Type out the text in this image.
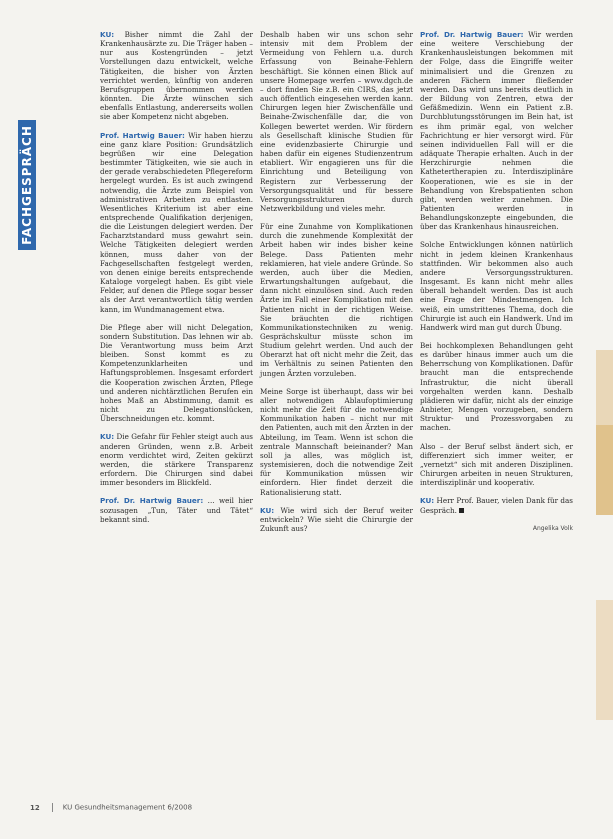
FACHGESPRÄCH

KU: Bisher nimmt die Zahl der Krankenhausärzte zu. Die Träger haben – nur aus Kostengründen – jetzt Vorstellungen dazu entwickelt, welche Tätigkeiten, die bisher von Ärzten verrichtet werden, künftig von anderen Berufsgruppen übernommen werden könnten. Die Ärzte wünschen sich ebenfalls Entlastung, andererseits wollen sie aber Kompetenz nicht abgeben.

Prof. Hartwig Bauer: Wir haben hierzu eine ganz klare Position: Grundsätzlich begrüßen wir eine Delegation bestimmter Tätigkeiten, wie sie auch in der gerade verabschiedeten Pflegereform hergelegt wurden. Es ist auch zwingend notwendig, die Ärzte zum Beispiel von administrativen Arbeiten zu entlasten. Wesentliches Kriterium ist aber eine entsprechende Qualifikation derjenigen, die die Leistungen delegiert werden. Der Facharztstandard muss gewahrt sein. Welche Tätigkeiten delegiert werden können, muss daher von der Fachgesellschaften festgelegt werden, von denen einige bereits entsprechende Kataloge vorgelegt haben. Es gibt viele Felder, auf denen die Pflege sogar besser als der Arzt verantwortlich tätig werden kann, im Wundmanagement etwa.

Die Pflege aber will nicht Delegation, sondern Substitution. Das lehnen wir ab. Die Verantwortung muss beim Arzt bleiben. Sonst kommt es zu Kompetenzunklarheiten und Haftungsproblemen. Insgesamt erfordert die Kooperation zwischen Ärzten, Pflege und anderen nichtärztlichen Berufen ein hohes Maß an Abstimmung, damit es nicht zu Delegationslücken, Überschneidungen etc. kommt.

KU: Die Gefahr für Fehler steigt auch aus anderen Gründen, wenn z.B. Arbeit enorm verdichtet wird, Zeiten gekürzt werden, die stärkere Transparenz erfordern. Die Chirurgen sind dabei immer besonders im Blickfeld.

Prof. Dr. Hartwig Bauer: ... weil hier sozusagen „Tun, Täter und Tätet“ bekannt sind.

Deshalb haben wir uns schon sehr intensiv mit dem Problem der Vermeidung von Fehlern u.a. durch Erfassung von Beinahe-Fehlern beschäftigt. Sie können einen Blick auf unsere Homepage werfen – www.dgch.de – dort finden Sie z.B. ein CIRS, das jetzt auch öffentlich eingesehen werden kann. Chirurgen legen hier Zwischenfälle und Beinahe-Zwischenfälle dar, die von Kollegen bewertet werden. Wir fördern als Gesellschaft klinische Studien für eine evidenzbasierte Chirurgie und haben dafür ein eigenes Studienzentrum etabliert. Wir engagieren uns für die Einrichtung und Beteiligung von Registern zur Verbesserung der Versorgungsqualität und für bessere Versorgungsstrukturen durch Netzwerkbildung und vieles mehr.

Für eine Zunahme von Komplikationen durch die zunehmende Komplexität der Arbeit haben wir indes bisher keine Belege. Dass Patienten mehr reklamieren, hat viele andere Gründe. So werden, auch über die Medien, Erwartungshaltungen aufgebaut, die dann nicht einzulösen sind. Auch reden Ärzte im Fall einer Komplikation mit den Patienten nicht in der richtigen Weise. Sie bräuchten die richtigen Kommunikationstechniken zu wenig. Gesprächskultur müsste schon im Studium gelehrt werden. Und auch der Oberarzt hat oft nicht mehr die Zeit, das im Verhältnis zu seinen Patienten den jungen Ärzten vorzuleben.

Meine Sorge ist überhaupt, dass wir bei aller notwendigen Ablaufoptimierung nicht mehr die Zeit für die notwendige Kommunikation haben – nicht nur mit den Patienten, auch mit den Ärzten in der Abteilung, im Team. Wenn ist schon die zentrale Mannschaft beieinander? Man soll ja alles, was möglich ist, systemisieren, doch die notwendige Zeit für Kommunikation müssen wir einfordern. Hier findet derzeit die Rationalisierung statt.

KU: Wie wird sich der Beruf weiter entwickeln? Wie sieht die Chirurgie der Zukunft aus?

Prof. Dr. Hartwig Bauer: Wir werden eine weitere Verschiebung der Krankenhausleistungen bekommen mit der Folge, dass die Eingriffe weiter minimalisiert und die Grenzen zu anderen Fächern immer fließender werden. Das wird uns bereits deutlich in der Bildung von Zentren, etwa der Gefäßmedizin. Wenn ein Patient z.B. Durchblutungsstörungen im Bein hat, ist es ihm primär egal, von welcher Fachrichtung er hier versorgt wird. Für seinen individuellen Fall will er die adäquate Therapie erhalten. Auch in der Herzchirurgie nehmen die Kathetertherapien zu. Interdisziplinäre Kooperationen, wie es sie in der Behandlung von Krebspatienten schon gibt, werden weiter zunehmen. Die Patienten werden in Behandlungskonzepte eingebunden, die über das Krankenhaus hinausreichen.

Solche Entwicklungen können natürlich nicht in jedem kleinen Krankenhaus stattfinden. Wir bekommen also auch andere Versorgungsstrukturen. Insgesamt. Es kann nicht mehr alles überall behandelt werden. Das ist auch eine Frage der Mindestmengen. Ich weiß, ein umstrittenes Thema, doch die Chirurgie ist auch ein Handwerk. Und im Handwerk wird man gut durch Übung.

Bei hochkomplexen Behandlungen geht es darüber hinaus immer auch um die Beherrschung von Komplikationen. Dafür braucht man die entsprechende Infrastruktur, die nicht überall vorgehalten werden kann. Deshalb plädieren wir dafür, nicht als der einzige Anbieter, Mengen vorzugeben, sondern Struktur- und Prozessvorgaben zu machen.

Also – der Beruf selbst ändert sich, er differenziert sich immer weiter, er „vernetzt“ sich mit anderen Disziplinen. Chirurgen arbeiten in neuen Strukturen, interdisziplinär und kooperativ.

KU: Herr Prof. Bauer, vielen Dank für das Gespräch.

Angelika Volk
12	KU Gesundheitsmanagement 6/2008
